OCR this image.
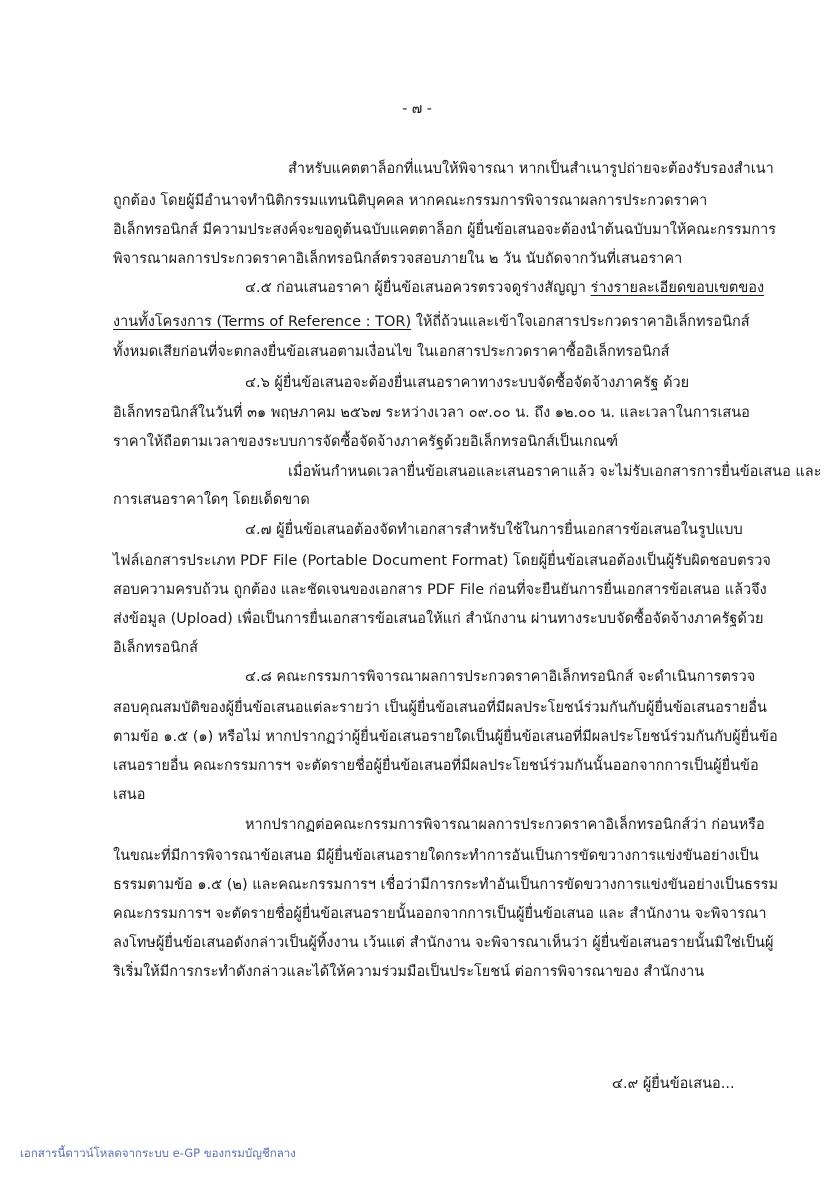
- ๗ -
สำหรับแคตตาล็อกที่แนบให้พิจารณา หากเป็นสำเนารูปถ่ายจะต้องรับรองสำเนา
ถูกต้อง โดยผู้มีอำนาจทำนิติกรรมแทนนิติบุคคล หากคณะกรรมการพิจารณาผลการประกวดราคา
อิเล็กทรอนิกส์ มีความประสงค์จะขอดูต้นฉบับแคตตาล็อก ผู้ยื่นข้อเสนอจะต้องนำต้นฉบับมาให้คณะกรรมการ
พิจารณาผลการประกวดราคาอิเล็กทรอนิกส์ตรวจสอบภายใน ๒ วัน นับถัดจากวันที่เสนอราคา
๔.๕ ก่อนเสนอราคา ผู้ยื่นข้อเสนอควรตรวจดูร่างสัญญา ร่างรายละเอียดขอบเขตของ
งานทั้งโครงการ (Terms of Reference : TOR) ให้ถี่ถ้วนและเข้าใจเอกสารประกวดราคาอิเล็กทรอนิกส์
ทั้งหมดเสียก่อนที่จะตกลงยื่นข้อเสนอตามเงื่อนไข ในเอกสารประกวดราคาซื้ออิเล็กทรอนิกส์
๔.๖ ผู้ยื่นข้อเสนอจะต้องยื่นเสนอราคาทางระบบจัดซื้อจัดจ้างภาครัฐ ด้วย
อิเล็กทรอนิกส์ในวันที่ ๓๑ พฤษภาคม ๒๕๖๗ ระหว่างเวลา ๐๙.๐๐ น. ถึง ๑๒.๐๐ น. และเวลาในการเสนอ
ราคาให้ถือตามเวลาของระบบการจัดซื้อจัดจ้างภาครัฐด้วยอิเล็กทรอนิกส์เป็นเกณฑ์
เมื่อพ้นกำหนดเวลายื่นข้อเสนอและเสนอราคาแล้ว จะไม่รับเอกสารการยื่นข้อเสนอ และ
การเสนอราคาใดๆ โดยเด็ดขาด
๔.๗ ผู้ยื่นข้อเสนอต้องจัดทำเอกสารสำหรับใช้ในการยื่นเอกสารข้อเสนอในรูปแบบ
ไฟล์เอกสารประเภท PDF File (Portable Document Format) โดยผู้ยื่นข้อเสนอต้องเป็นผู้รับผิดชอบตรวจ
สอบความครบถ้วน ถูกต้อง และชัดเจนของเอกสาร PDF File ก่อนที่จะยืนยันการยื่นเอกสารข้อเสนอ แล้วจึง
ส่งข้อมูล (Upload) เพื่อเป็นการยื่นเอกสารข้อเสนอให้แก่ สำนักงาน ผ่านทางระบบจัดซื้อจัดจ้างภาครัฐด้วย
อิเล็กทรอนิกส์
๔.๘ คณะกรรมการพิจารณาผลการประกวดราคาอิเล็กทรอนิกส์ จะดำเนินการตรวจ
สอบคุณสมบัติของผู้ยื่นข้อเสนอแต่ละรายว่า เป็นผู้ยื่นข้อเสนอที่มีผลประโยชน์ร่วมกันกับผู้ยื่นข้อเสนอรายอื่น
ตามข้อ ๑.๕ (๑) หรือไม่ หากปรากฏว่าผู้ยื่นข้อเสนอรายใดเป็นผู้ยื่นข้อเสนอที่มีผลประโยชน์ร่วมกันกับผู้ยื่นข้อ
เสนอรายอื่น คณะกรรมการฯ จะตัดรายชื่อผู้ยื่นข้อเสนอที่มีผลประโยชน์ร่วมกันนั้นออกจากการเป็นผู้ยื่นข้อ
เสนอ
หากปรากฏต่อคณะกรรมการพิจารณาผลการประกวดราคาอิเล็กทรอนิกส์ว่า ก่อนหรือ
ในขณะที่มีการพิจารณาข้อเสนอ มีผู้ยื่นข้อเสนอรายใดกระทำการอันเป็นการขัดขวางการแข่งขันอย่างเป็น
ธรรมตามข้อ ๑.๕ (๒) และคณะกรรมการฯ เชื่อว่ามีการกระทำอันเป็นการขัดขวางการแข่งขันอย่างเป็นธรรม
คณะกรรมการฯ จะตัดรายชื่อผู้ยื่นข้อเสนอรายนั้นออกจากการเป็นผู้ยื่นข้อเสนอ และ สำนักงาน จะพิจารณา
ลงโทษผู้ยื่นข้อเสนอดังกล่าวเป็นผู้ทิ้งงาน เว้นแต่ สำนักงาน จะพิจารณาเห็นว่า ผู้ยื่นข้อเสนอรายนั้นมิใช่เป็นผู้
ริเริ่มให้มีการกระทำดังกล่าวและได้ให้ความร่วมมือเป็นประโยชน์ ต่อการพิจารณาของ สำนักงาน
๔.๙ ผู้ยื่นข้อเสนอ...
เอกสารนี้ดาวน์โหลดจากระบบ e-GP ของกรมบัญชีกลาง
